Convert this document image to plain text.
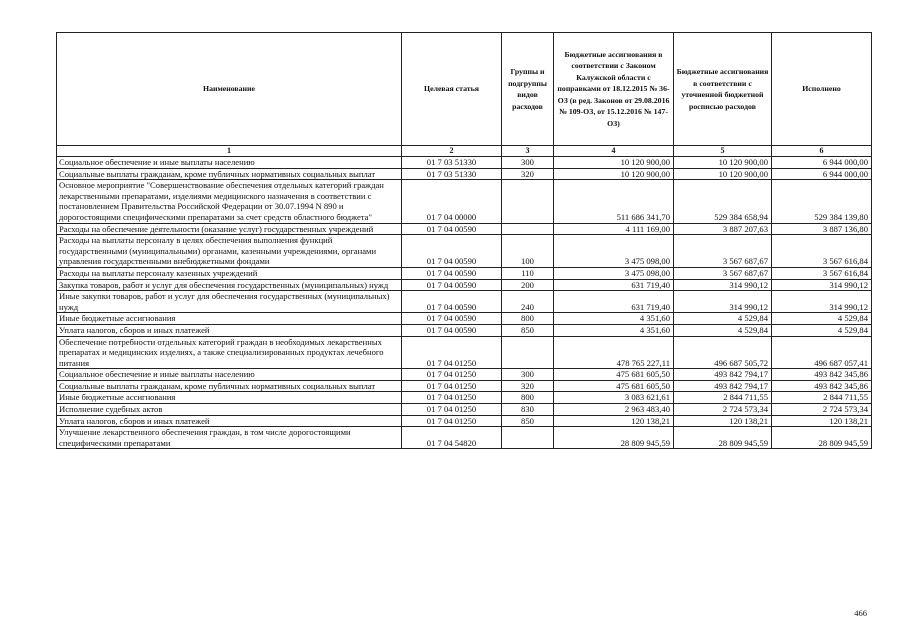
Наименование	Целевая статья	Группы и подгруппы видов расходов	Бюджетные ассигнования в соответствии с Законом Калужской области с поправками от 18.12.2015 № 36-ОЗ (в ред. Законов от 29.08.2016 № 109-ОЗ, от 15.12.2016 № 147-ОЗ)	Бюджетные ассигнования в соответствии с уточненной бюджетной росписью расходов	Исполнено
1	2	3	4	5	6
Социальное обеспечение и иные выплаты населению	01 7 03 51330	300	10 120 900,00	10 120 900,00	6 944 000,00
Социальные выплаты гражданам, кроме публичных нормативных социальных выплат	01 7 03 51330	320	10 120 900,00	10 120 900,00	6 944 000,00
Основное мероприятие "Совершенствование обеспечения отдельных категорий граждан лекарственными препаратами, изделиями медицинского назначения в соответствии с постановлением Правительства Российской Федерации от 30.07.1994 N 890 и дорогостоящими специфическими препаратами за счет средств областного бюджета"	01 7 04 00000		511 686 341,70	529 384 658,94	529 384 139,80
Расходы на обеспечение деятельности (оказание услуг) государственных учреждений	01 7 04 00590		4 111 169,00	3 887 207,63	3 887 136,80
Расходы на выплаты персоналу в целях обеспечения выполнения функций государственными (муниципальными) органами, казенными учреждениями, органами управления государственными внебюджетными фондами	01 7 04 00590	100	3 475 098,00	3 567 687,67	3 567 616,84
Расходы на выплаты персоналу казенных учреждений	01 7 04 00590	110	3 475 098,00	3 567 687,67	3 567 616,84
Закупка товаров, работ и услуг для обеспечения государственных (муниципальных) нужд	01 7 04 00590	200	631 719,40	314 990,12	314 990,12
Иные закупки товаров, работ и услуг для обеспечения государственных (муниципальных) нужд	01 7 04 00590	240	631 719,40	314 990,12	314 990,12
Иные бюджетные ассигнования	01 7 04 00590	800	4 351,60	4 529,84	4 529,84
Уплата налогов, сборов и иных платежей	01 7 04 00590	850	4 351,60	4 529,84	4 529,84
Обеспечение потребности отдельных категорий граждан в необходимых лекарственных препаратах и медицинских изделиях, а также специализированных продуктах лечебного питания	01 7 04 01250		478 765 227,11	496 687 505,72	496 687 057,41
Социальное обеспечение и иные выплаты населению	01 7 04 01250	300	475 681 605,50	493 842 794,17	493 842 345,86
Социальные выплаты гражданам, кроме публичных нормативных социальных выплат	01 7 04 01250	320	475 681 605,50	493 842 794,17	493 842 345,86
Иные бюджетные ассигнования	01 7 04 01250	800	3 083 621,61	2 844 711,55	2 844 711,55
Исполнение судебных актов	01 7 04 01250	830	2 963 483,40	2 724 573,34	2 724 573,34
Уплата налогов, сборов и иных платежей	01 7 04 01250	850	120 138,21	120 138,21	120 138,21
Улучшение лекарственного обеспечения граждан, в том числе дорогостоящими специфическими препаратами	01 7 04 54820		28 809 945,59	28 809 945,59	28 809 945,59
466
